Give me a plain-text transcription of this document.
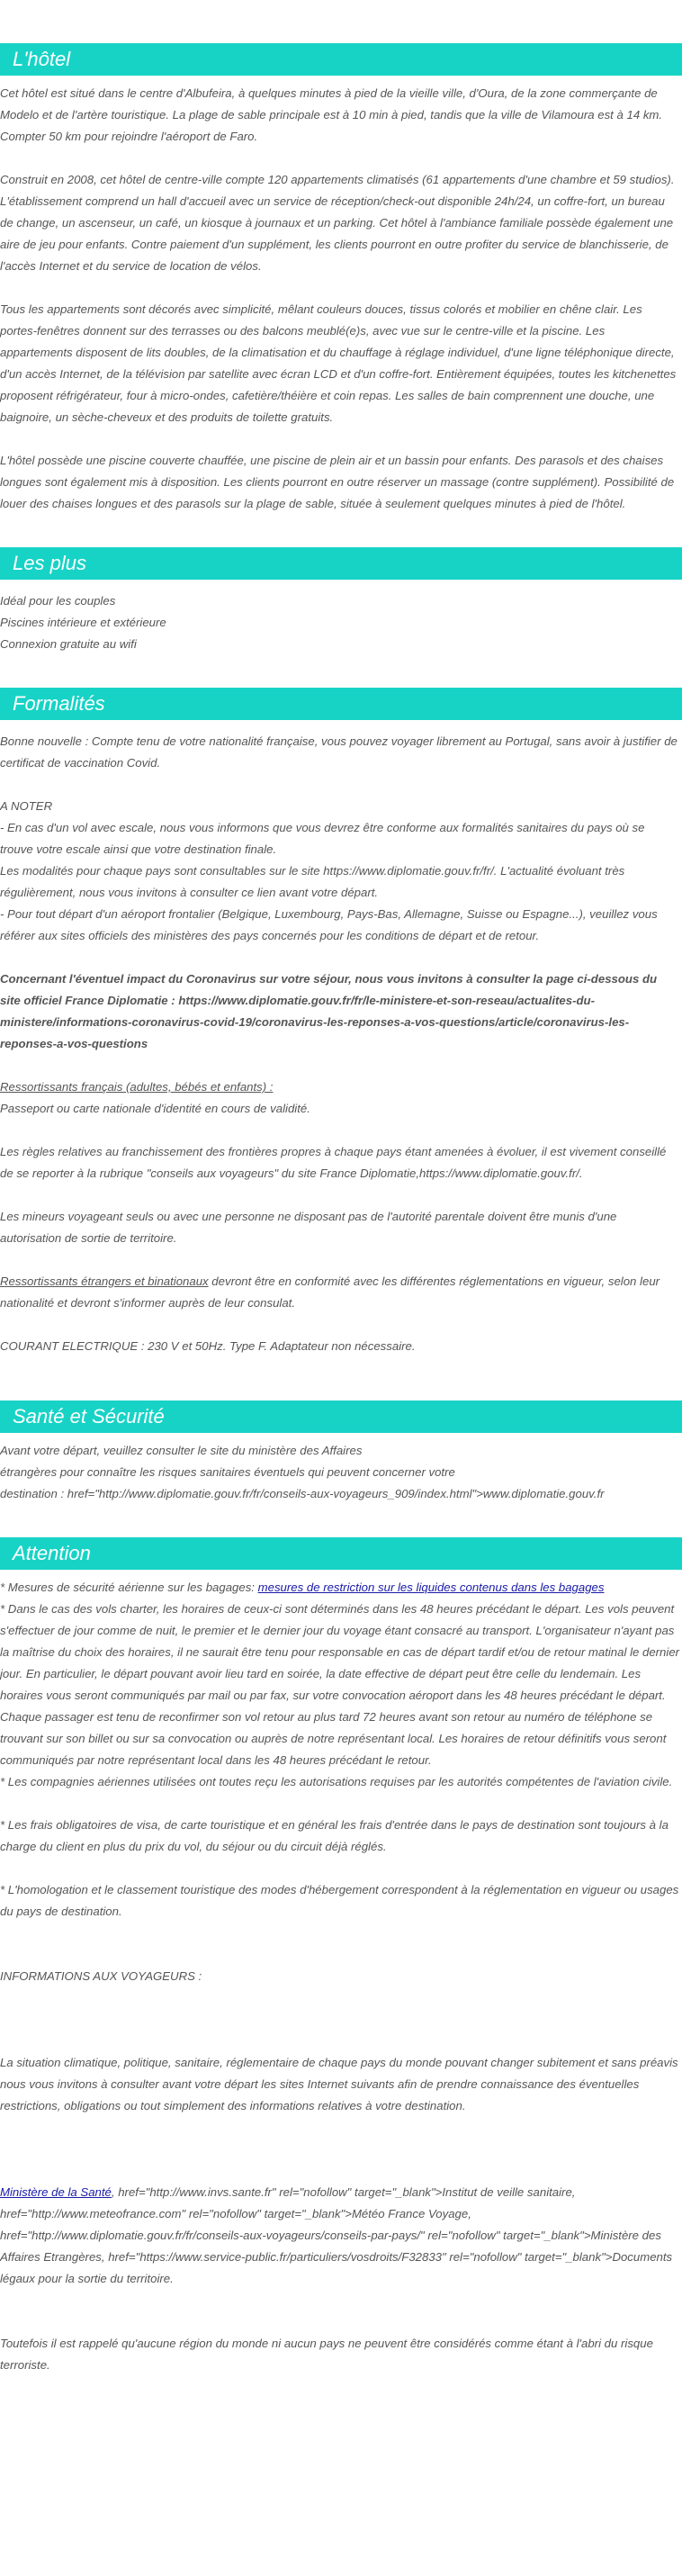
L'hôtel

Cet hôtel est situé dans le centre d'Albufeira, à quelques minutes à pied de la vieille ville, d'Oura, de la zone commerçante de Modelo et de l'artère touristique. La plage de sable principale est à 10 min à pied, tandis que la ville de Vilamoura est à 14 km. Compter 50 km pour rejoindre l'aéroport de Faro.

Construit en 2008, cet hôtel de centre-ville compte 120 appartements climatisés (61 appartements d'une chambre et 59 studios). L'établissement comprend un hall d'accueil avec un service de réception/check-out disponible 24h/24, un coffre-fort, un bureau de change, un ascenseur, un café, un kiosque à journaux et un parking. Cet hôtel à l'ambiance familiale possède également une aire de jeu pour enfants. Contre paiement d'un supplément, les clients pourront en outre profiter du service de blanchisserie, de l'accès Internet et du service de location de vélos.

Tous les appartements sont décorés avec simplicité, mêlant couleurs douces, tissus colorés et mobilier en chêne clair. Les portes-fenêtres donnent sur des terrasses ou des balcons meublé(e)s, avec vue sur le centre-ville et la piscine. Les appartements disposent de lits doubles, de la climatisation et du chauffage à réglage individuel, d'une ligne téléphonique directe, d'un accès Internet, de la télévision par satellite avec écran LCD et d'un coffre-fort. Entièrement équipées, toutes les kitchenettes proposent réfrigérateur, four à micro-ondes, cafetière/théière et coin repas. Les salles de bain comprennent une douche, une baignoire, un sèche-cheveux et des produits de toilette gratuits.

L'hôtel possède une piscine couverte chauffée, une piscine de plein air et un bassin pour enfants. Des parasols et des chaises longues sont également mis à disposition. Les clients pourront en outre réserver un massage (contre supplément). Possibilité de louer des chaises longues et des parasols sur la plage de sable, située à seulement quelques minutes à pied de l'hôtel.

Les plus

Idéal pour les couples

Piscines intérieure et extérieure

Connexion gratuite au wifi

Formalités

Bonne nouvelle : Compte tenu de votre nationalité française, vous pouvez voyager librement au Portugal, sans avoir à justifier de certificat de vaccination Covid.

A NOTER

- En cas d'un vol avec escale, nous vous informons que vous devrez être conforme aux formalités sanitaires du pays où se trouve votre escale ainsi que votre destination finale.

Les modalités pour chaque pays sont consultables sur le site https://www.diplomatie.gouv.fr/fr/. L'actualité évoluant très régulièrement, nous vous invitons à consulter ce lien avant votre départ.

- Pour tout départ d'un aéroport frontalier (Belgique, Luxembourg, Pays-Bas, Allemagne, Suisse ou Espagne...), veuillez vous référer aux sites officiels des ministères des pays concernés pour les conditions de départ et de retour.

Concernant l'éventuel impact du Coronavirus sur votre séjour, nous vous invitons à consulter la page ci-dessous du site officiel France Diplomatie : https://www.diplomatie.gouv.fr/fr/le-ministere-et-son-reseau/actualites-du-ministere/informations-coronavirus-covid-19/coronavirus-les-reponses-a-vos-questions/article/coronavirus-les-reponses-a-vos-questions

Ressortissants français (adultes, bébés et enfants) :

Passeport ou carte nationale d'identité en cours de validité.

Les règles relatives au franchissement des frontières propres à chaque pays étant amenées à évoluer, il est vivement conseillé de se reporter à la rubrique "conseils aux voyageurs" du site France Diplomatie,https://www.diplomatie.gouv.fr/.

Les mineurs voyageant seuls ou avec une personne ne disposant pas de l'autorité parentale doivent être munis d'une autorisation de sortie de territoire.

Ressortissants étrangers et binationaux devront être en conformité avec les différentes réglementations en vigueur, selon leur nationalité et devront s'informer auprès de leur consulat.

COURANT ELECTRIQUE : 230 V et 50Hz. Type F. Adaptateur non nécessaire.

Santé et Sécurité

Avant votre départ, veuillez consulter le site du ministère des Affaires

étrangères pour connaître les risques sanitaires éventuels qui peuvent concerner votre

destination : href="http://www.diplomatie.gouv.fr/fr/conseils-aux-voyageurs_909/index.html">www.diplomatie.gouv.fr

Attention

* Mesures de sécurité aérienne sur les bagages: mesures de restriction sur les liquides contenus dans les bagages

* Dans le cas des vols charter, les horaires de ceux-ci sont déterminés dans les 48 heures précédant le départ. Les vols peuvent s'effectuer de jour comme de nuit, le premier et le dernier jour du voyage étant consacré au transport. L'organisateur n'ayant pas la maîtrise du choix des horaires, il ne saurait être tenu pour responsable en cas de départ tardif et/ou de retour matinal le dernier jour. En particulier, le départ pouvant avoir lieu tard en soirée, la date effective de départ peut être celle du lendemain. Les horaires vous seront communiqués par mail ou par fax, sur votre convocation aéroport dans les 48 heures précédant le départ. Chaque passager est tenu de reconfirmer son vol retour au plus tard 72 heures avant son retour au numéro de téléphone se trouvant sur son billet ou sur sa convocation ou auprès de notre représentant local. Les horaires de retour définitifs vous seront communiqués par notre représentant local dans les 48 heures précédant le retour.

* Les compagnies aériennes utilisées ont toutes reçu les autorisations requises par les autorités compétentes de l'aviation civile.

* Les frais obligatoires de visa, de carte touristique et en général les frais d'entrée dans le pays de destination sont toujours à la charge du client en plus du prix du vol, du séjour ou du circuit déjà réglés.

* L'homologation et le classement touristique des modes d'hébergement correspondent à la réglementation en vigueur ou usages du pays de destination.

INFORMATIONS AUX VOYAGEURS :

La situation climatique, politique, sanitaire, réglementaire de chaque pays du monde pouvant changer subitement et sans préavis

nous vous invitons à consulter avant votre départ les sites Internet suivants afin de prendre connaissance des éventuelles restrictions, obligations ou tout simplement des informations relatives à votre destination.

Ministère de la Santé, href="http://www.invs.sante.fr" rel="nofollow" target="_blank">Institut de veille sanitaire, href="http://www.meteofrance.com" rel="nofollow" target="_blank">Météo France Voyage, href="http://www.diplomatie.gouv.fr/fr/conseils-aux-voyageurs/conseils-par-pays/" rel="nofollow" target="_blank">Ministère des Affaires Etrangères, href="https://www.service-public.fr/particuliers/vosdroits/F32833" rel="nofollow" target="_blank">Documents légaux pour la sortie du territoire.

Toutefois il est rappelé qu'aucune région du monde ni aucun pays ne peuvent être considérés comme étant à l'abri du risque terroriste.
